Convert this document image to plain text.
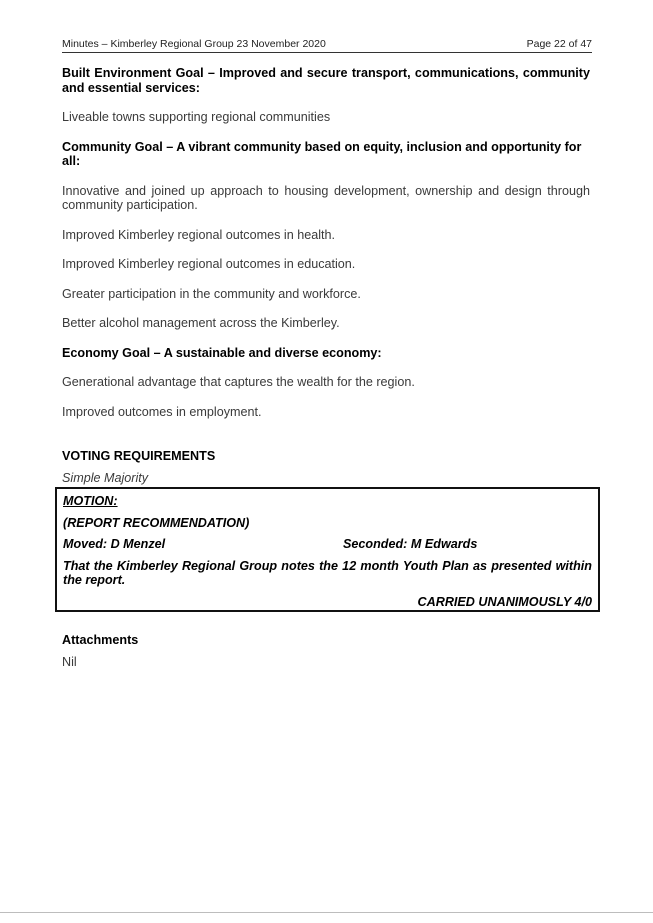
Minutes – Kimberley Regional Group 23 November 2020	Page 22 of 47

Built Environment Goal – Improved and secure transport, communications, community and essential services:

Liveable towns supporting regional communities

Community Goal – A vibrant community based on equity, inclusion and opportunity for all:

Innovative and joined up approach to housing development, ownership and design through community participation.

Improved Kimberley regional outcomes in health.

Improved Kimberley regional outcomes in education.

Greater participation in the community and workforce.

Better alcohol management across the Kimberley.

Economy Goal – A sustainable and diverse economy:

Generational advantage that captures the wealth for the region.

Improved outcomes in employment.

VOTING REQUIREMENTS

Simple Majority

MOTION:

(REPORT RECOMMENDATION)

Moved: D Menzel	Seconded: M Edwards

That the Kimberley Regional Group notes the 12 month Youth Plan as presented within the report.

CARRIED UNANIMOUSLY 4/0

Attachments

Nil
